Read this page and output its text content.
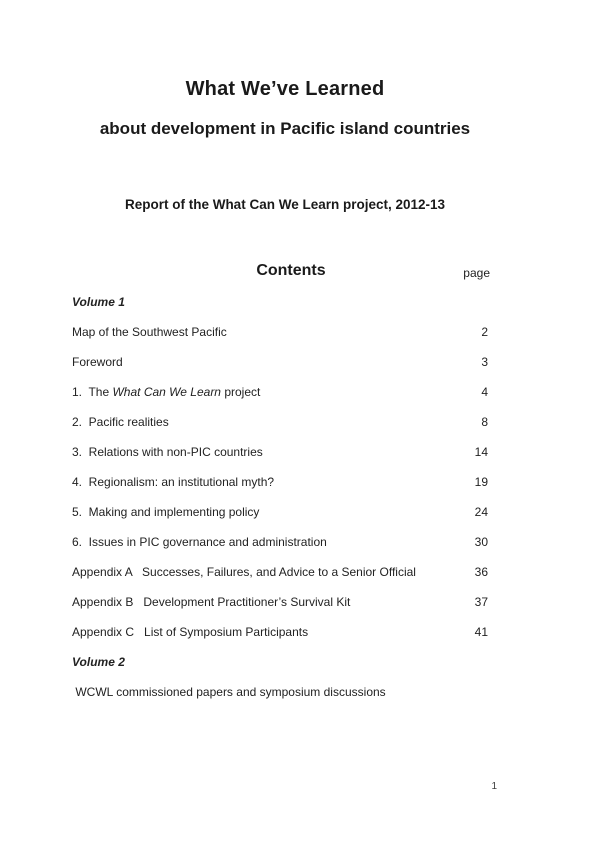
What We’ve Learned
about development in Pacific island countries

Report of the What Can We Learn project, 2012-13

Contents	page
Volume 1
Map of the Southwest Pacific	2
Foreword	3
1.  The What Can We Learn project	4
2.  Pacific realities	8
3.  Relations with non-PIC countries	14
4.  Regionalism: an institutional myth?	19
5.  Making and implementing policy	24
6.  Issues in PIC governance and administration	30
Appendix A   Successes, Failures, and Advice to a Senior Official	36
Appendix B   Development Practitioner’s Survival Kit	37
Appendix C   List of Symposium Participants	41
Volume 2
WCWL commissioned papers and symposium discussions
1
